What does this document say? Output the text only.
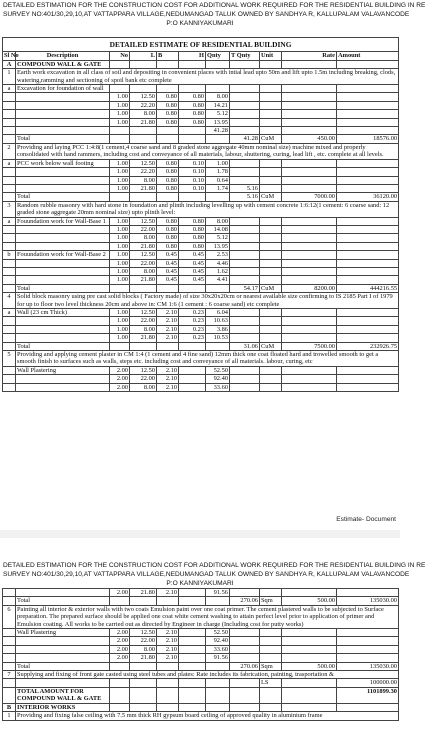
DETAILED ESTIMATION FOR THE CONSTRUCTION COST FOR ADDITIONAL WORK REQUIRED FOR THE RESIDENTIAL BUILDING IN RE
SURVEY NO:401/30,29,10,AT VATTAPPARA VILLAGE,NEDUMANGAD TALUK OWNED BY SANDHYA R, KALLUPALAM VALAVANCODE
P:O KANNIYAKUMARI
DETAILED ESTIMATE OF RESIDENTIAL BUILDING										
Sl No	Description	No	L	B	H	Qnty	T Qnty	Unit	Rate	Amount
A	COMPOUND WALL & GATE									
1	Earth work excavation in all class of soil and depositing in convenient places with intial lead upto 50m and lift upto 1.5m including breaking, clods, watering,ramming and sectioning of spoil bank etc complete									
a	Excavation for foundation of wall									
		1.00	12.50	0.80	0.80	8.00				
		1.00	22.20	0.80	0.80	14.21				
		1.00	8.00	0.80	0.80	5.12				
		1.00	21.80	0.80	0.80	13.95				
						41.28				
	Total						41.28	CuM	450.00	18576.00
2	Providing and laying PCC 1:4:8(1 cement,4 coarse sand and 8 graded stone aggregate 40mm nominal size) machine mixed and properly consolidated with hand rammers, including cost and conveyance of all materials, labour, shuttering, curing, lead lift , etc. complete at all levels.									
a	PCC work below wall footing	1.00	12.50	0.80	0.10	1.00				
		1.00	22.20	0.80	0.10	1.78				
		1.00	8.00	0.80	0.10	0.64				
		1.00	21.80	0.80	0.10	1.74	5.16			
	Total						5.16	CuM	7000.00	36120.00
3	Random rubble masonry with hard stone in foundation and plinth including levelling up with cement concrete 1:6:12(1 cement: 6 coarse sand: 12 graded stone aggregate 20mm nominal size) upto plinth level:									
a	Fouundation work for Wall-Base 1	1.00	12.50	0.80	0.80	8.00				
		1.00	22.00	0.80	0.80	14.08				
		1.00	8.00	0.80	0.80	5.12				
		1.00	21.80	0.80	0.80	13.95				
b	Fouundation work for Wall-Base 2	1.00	12.50	0.45	0.45	2.53				
		1.00	22.00	0.45	0.45	4.46				
		1.00	8.00	0.45	0.45	1.62				
		1.00	21.80	0.45	0.45	4.41				
	Total						54.17	CuM	8200.00	444216.55
4	Solid block masonry using pre cast solid blocks ( Factory made) of size 30x20x20cm or nearest available size confirming to IS 2185 Part I of 1979 for up to floor two level thickness 20cm and above in: CM 1:6 (1 cement : 6 coarse sand) etc complete									
a	Wall (23 cm Thick)	1.00	12.50	2.10	0.23	6.04				
		1.00	22.00	2.10	0.23	10.63				
		1.00	8.00	2.10	0.23	3.86				
		1.00	21.80	2.10	0.23	10.53				
	Total						31.06	CuM	7500.00	232926.75
5	Providing and applying cement plaster in CM 1:4 (1 cement and 4 fine sand) 12mm thick one coat floated hard and trowelled smooth to get a smooth finish to surfaces such as walls, steps etc. including cost and conveyance of all materials. labour, curing, etc									
	Wall Plastering	2.00	12.50	2.10		52.50				
		2.00	22.00	2.10		92.40				
		2.00	8.00	2.10		33.60				
Estimate- Document
DETAILED ESTIMATION FOR THE CONSTRUCTION COST FOR ADDITIONAL WORK REQUIRED FOR THE RESIDENTIAL BUILDING IN RE
SURVEY NO:401/30,29,10,AT VATTAPPARA VILLAGE,NEDUMANGAD TALUK OWNED BY SANDHYA R, KALLUPALAM VALAVANCODE
P:O KANNIYAKUMARI
		2.00	21.80	2.10		91.56				
	Total						270.06	Sqm	500.00	135030.00
6	Painting all interior & exterior walls with two coats Emulsion paint over one coat primer. The cement plastered walls to be subjected to Surface preparation. The prepared surface should be applied one coat white cement washing to attain perfect level prior to application of primer and Emulsion coating. All works to be carried out as directed by Engineer in charge (Including cost for putty works)									
	Wall Plastering	2.00	12.50	2.10		52.50				
		2.00	22.00	2.10		92.40				
		2.00	8.00	2.10		33.60				
		2.00	21.80	2.10		91.56				
	Total						270.06	Sqm	500.00	135030.00
7	Supplying and fixing of front gate casted using steel tubes and plates: Rate includes its fabrication, painting, trasportation &									
								LS		100000.00
	TOTAL AMOUNT FOR COMPOUND WALL & GATE									1101899.30
B	INTERIOR WORKS									
1	Providing and fixing false ceiling with 7.5 mm thick RH gypsum board ceiling of approved quality in aluminium frame									
